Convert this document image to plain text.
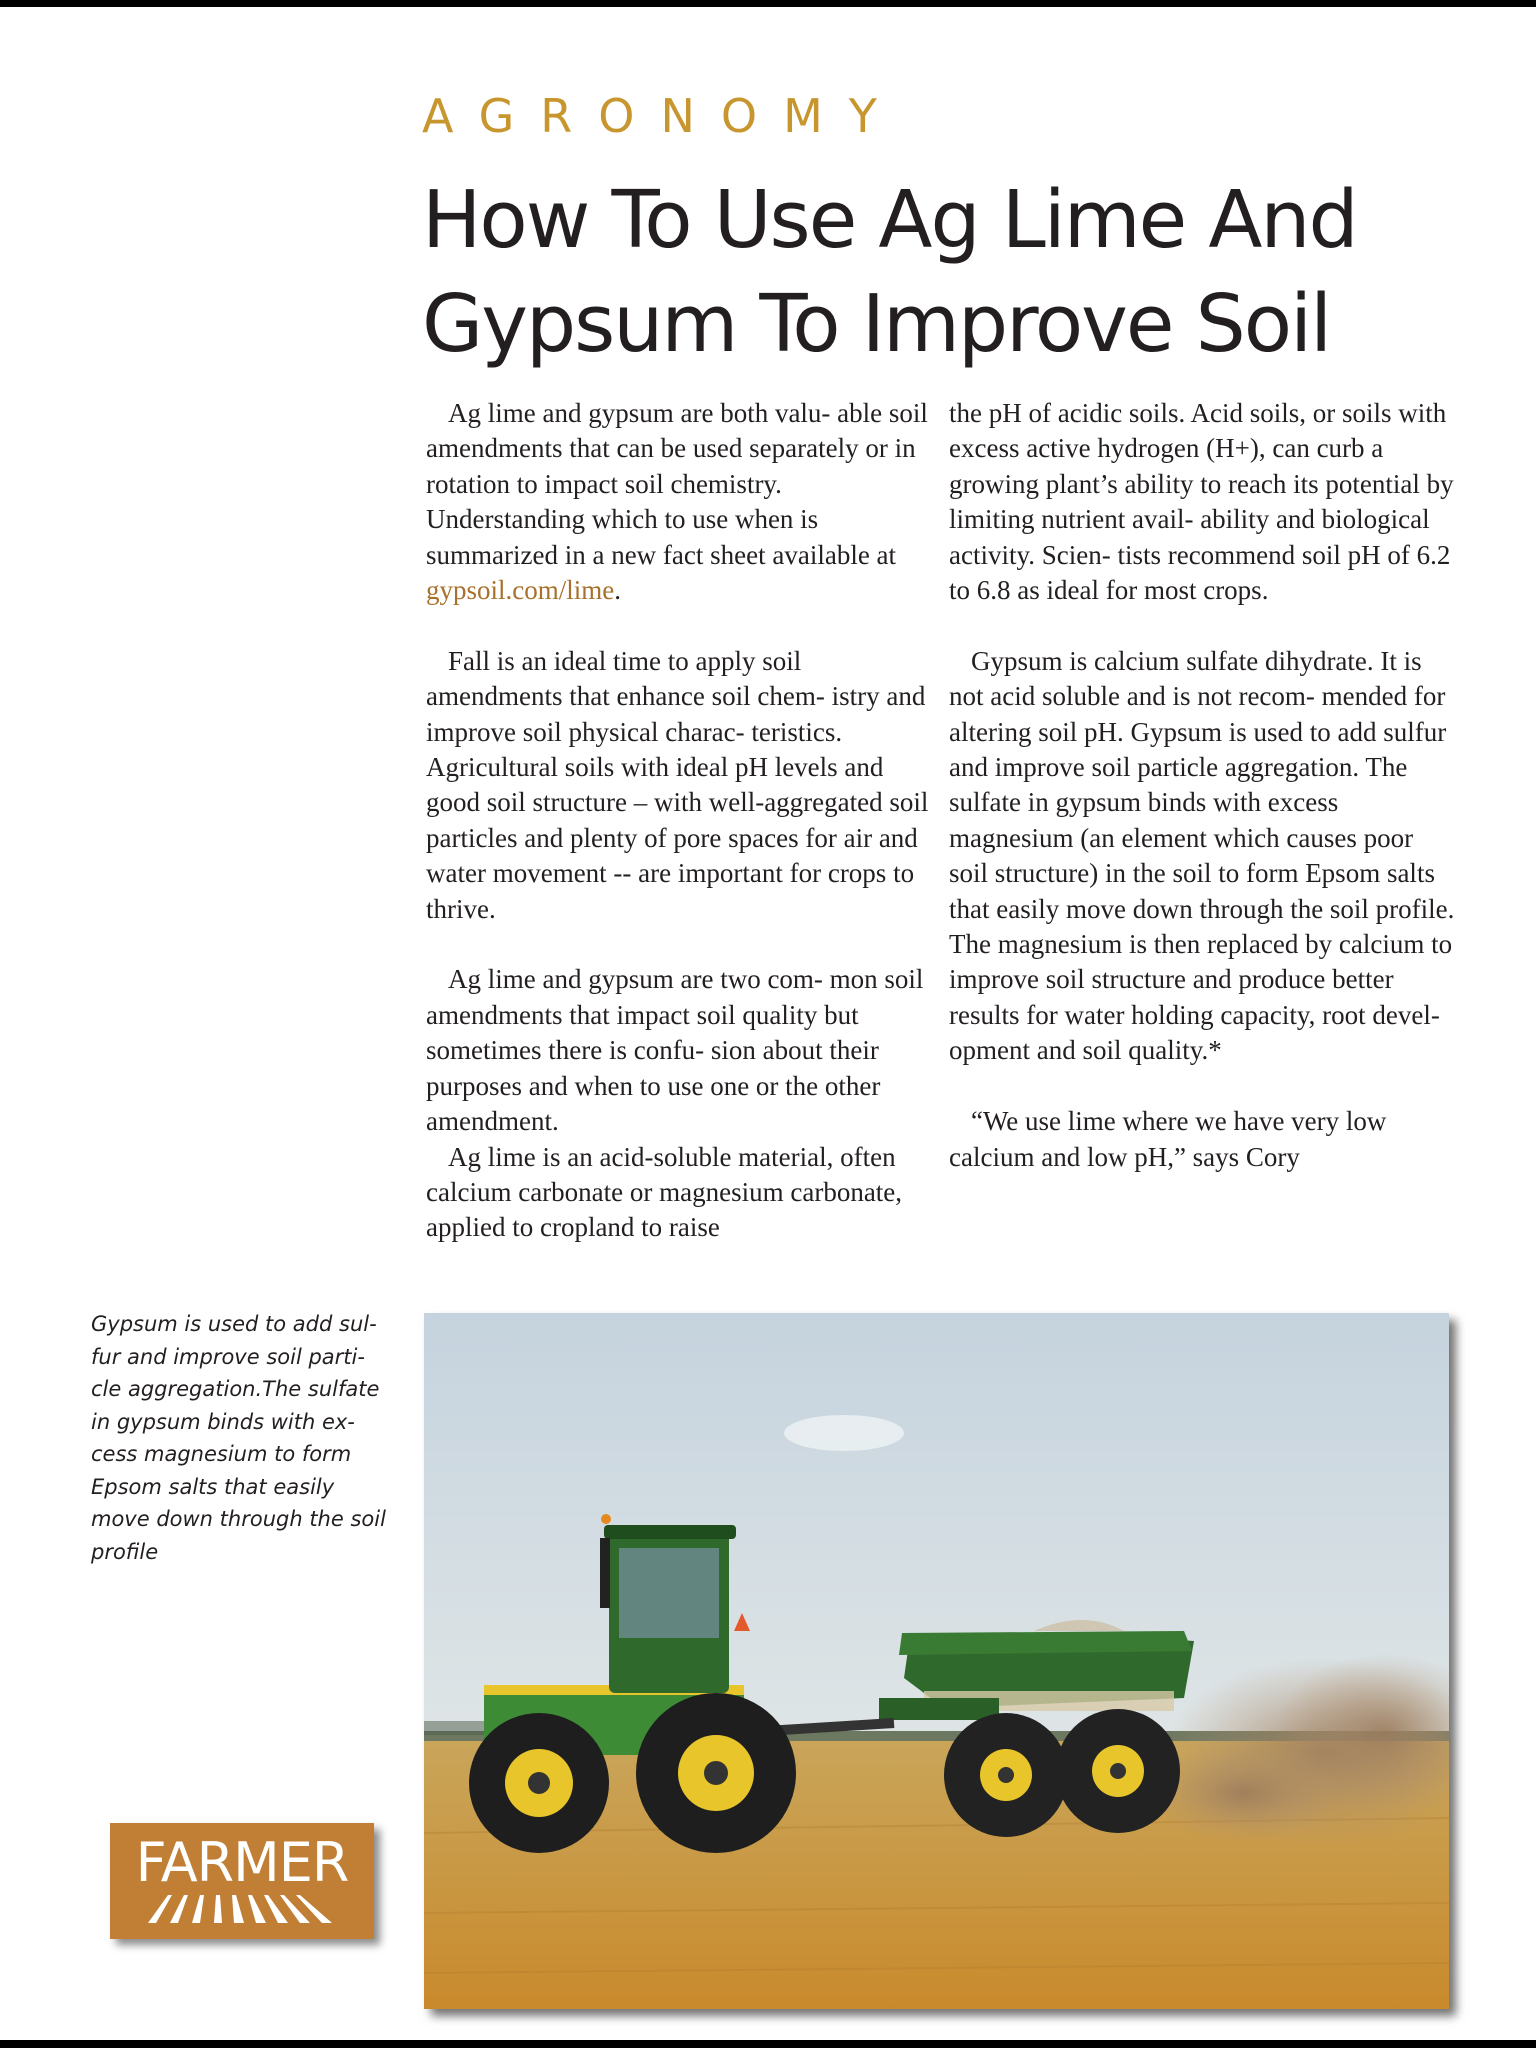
AGRONOMY
How To Use Ag Lime And Gypsum To Improve Soil

Ag lime and gypsum are both valu- able soil amendments that can be used separately or in rotation to impact soil chemistry. Understanding which to use when is summarized in a new fact sheet available at gypsoil.com/lime.

Fall is an ideal time to apply soil amendments that enhance soil chem- istry and improve soil physical charac- teristics. Agricultural soils with ideal pH levels and good soil structure – with well-aggregated soil particles and plenty of pore spaces for air and water movement -- are important for crops to thrive.

Ag lime and gypsum are two com- mon soil amendments that impact soil quality but sometimes there is confu- sion about their purposes and when to use one or the other amendment.

Ag lime is an acid-soluble material, often calcium carbonate or magnesium carbonate, applied to cropland to raise

the pH of acidic soils. Acid soils, or soils with excess active hydrogen (H+), can curb a growing plant’s ability to reach its potential by limiting nutrient avail- ability and biological activity. Scien- tists recommend soil pH of 6.2 to 6.8 as ideal for most crops.

Gypsum is calcium sulfate dihydrate. It is not acid soluble and is not recom- mended for altering soil pH. Gypsum is used to add sulfur and improve soil particle aggregation. The sulfate in gypsum binds with excess magnesium (an element which causes poor soil structure) in the soil to form Epsom salts that easily move down through the soil profile. The magnesium is then replaced by calcium to improve soil structure and produce better results for water holding capacity, root devel- opment and soil quality.*

“We use lime where we have very low calcium and low pH,” says Cory

Gypsum is used to add sul- fur and improve soil parti- cle aggregation.The sulfate in gypsum binds with ex- cess magnesium to form Epsom salts that easily move down through the soil profile
FARMER
